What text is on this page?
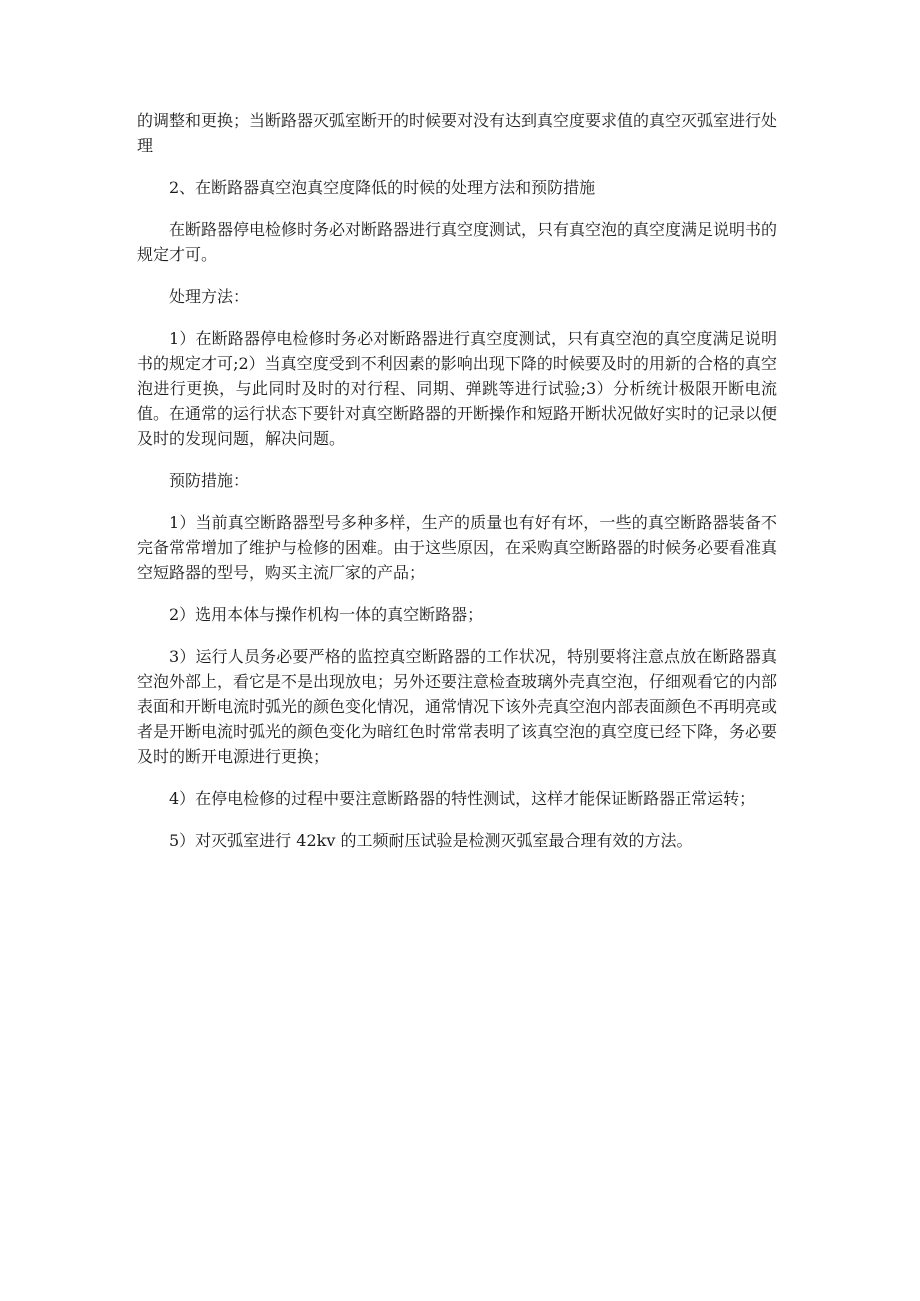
的调整和更换；当断路器灭弧室断开的时候要对没有达到真空度要求值的真空灭弧室进行处理

2、在断路器真空泡真空度降低的时候的处理方法和预防措施

在断路器停电检修时务必对断路器进行真空度测试，只有真空泡的真空度满足说明书的规定才可。

处理方法：

1）在断路器停电检修时务必对断路器进行真空度测试，只有真空泡的真空度满足说明书的规定才可;2）当真空度受到不利因素的影响出现下降的时候要及时的用新的合格的真空泡进行更换，与此同时及时的对行程、同期、弹跳等进行试验;3）分析统计极限开断电流值。在通常的运行状态下要针对真空断路器的开断操作和短路开断状况做好实时的记录以便及时的发现问题，解决问题。

预防措施：

1）当前真空断路器型号多种多样，生产的质量也有好有坏，一些的真空断路器装备不完备常常增加了维护与检修的困难。由于这些原因，在采购真空断路器的时候务必要看准真空短路器的型号，购买主流厂家的产品；

2）选用本体与操作机构一体的真空断路器；

3）运行人员务必要严格的监控真空断路器的工作状况，特别要将注意点放在断路器真空泡外部上，看它是不是出现放电；另外还要注意检查玻璃外壳真空泡，仔细观看它的内部表面和开断电流时弧光的颜色变化情况，通常情况下该外壳真空泡内部表面颜色不再明亮或者是开断电流时弧光的颜色变化为暗红色时常常表明了该真空泡的真空度已经下降，务必要及时的断开电源进行更换；

4）在停电检修的过程中要注意断路器的特性测试，这样才能保证断路器正常运转；

5）对灭弧室进行 42kv 的工频耐压试验是检测灭弧室最合理有效的方法。
